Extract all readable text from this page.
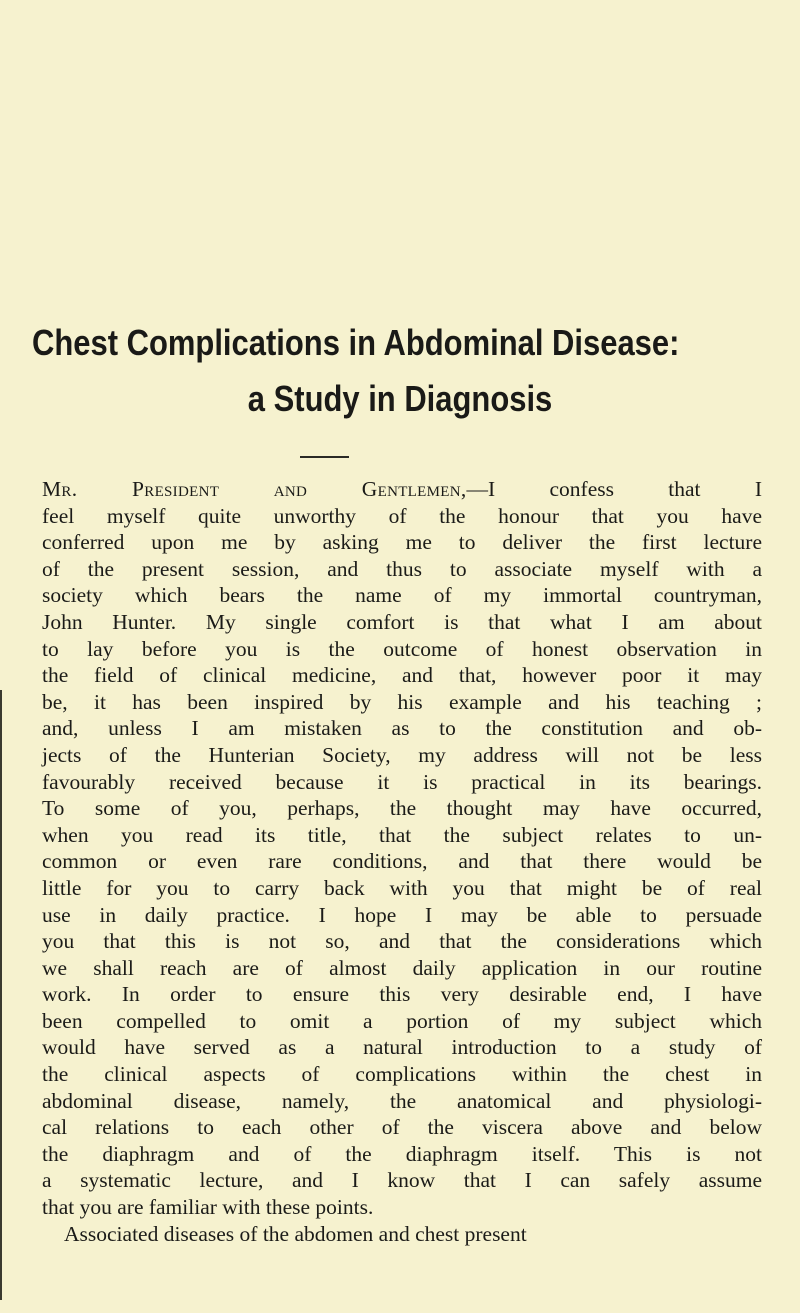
Chest Complications in Abdominal Disease:
a Study in Diagnosis
Mr. President and Gentlemen,—I confess that I
feel myself quite unworthy of the honour that you have
conferred upon me by asking me to deliver the first lecture
of the present session, and thus to associate myself with a
society which bears the name of my immortal countryman,
John Hunter. My single comfort is that what I am about
to lay before you is the outcome of honest observation in
the field of clinical medicine, and that, however poor it may
be, it has been inspired by his example and his teaching ;
and, unless I am mistaken as to the constitution and ob-
jects of the Hunterian Society, my address will not be less
favourably received because it is practical in its bearings.
To some of you, perhaps, the thought may have occurred,
when you read its title, that the subject relates to un-
common or even rare conditions, and that there would be
little for you to carry back with you that might be of real
use in daily practice. I hope I may be able to persuade
you that this is not so, and that the considerations which
we shall reach are of almost daily application in our routine
work. In order to ensure this very desirable end, I have
been compelled to omit a portion of my subject which
would have served as a natural introduction to a study of
the clinical aspects of complications within the chest in
abdominal disease, namely, the anatomical and physiologi-
cal relations to each other of the viscera above and below
the diaphragm and of the diaphragm itself. This is not
a systematic lecture, and I know that I can safely assume
that you are familiar with these points.
Associated diseases of the abdomen and chest present
